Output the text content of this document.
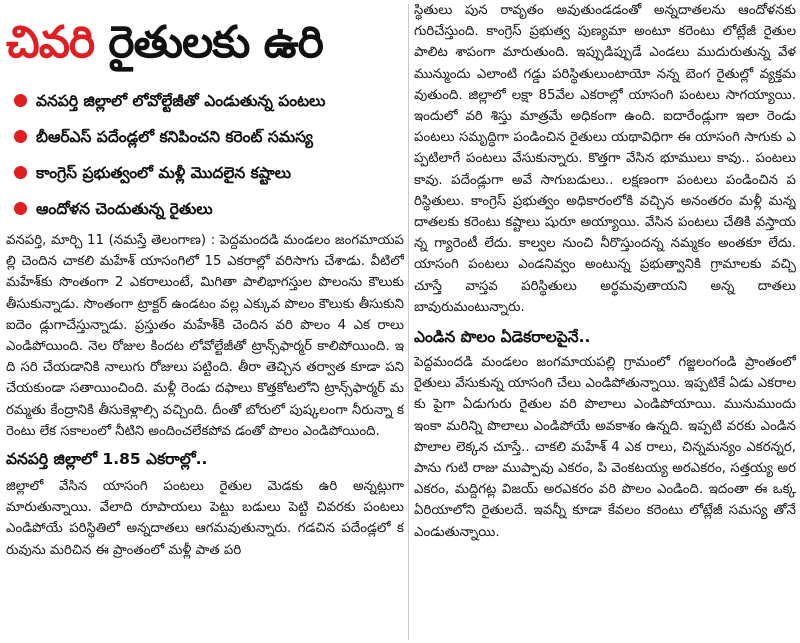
చివరి రైతులకు ఉరి
వనపర్తి జిల్లాలో లోవోల్టేజీతో ఎండుతున్న పంటలు
బీఆర్ఎస్ పదేండ్లలో కనిపించని కరెంట్ సమస్య
కాంగ్రెస్ ప్రభుత్వంలో మళ్లీ మొదలైన కష్టాలు
ఆందోళన చెందుతున్న రైతులు

వనపర్తి, మార్చి 11 (నమస్తే తెలంగాణ) : పెద్దమందడి మండలం జంగమాయపల్లి చెందిన చాకలి మహేశ్ యాసంగిలో 15 ఎకరాల్లో వరిసాగు చేశాడు. వీటిలో మహేశ్‌కు సొంతంగా 2 ఎకరాలుంటే, మిగితా పాలిభాగస్తుల పొలంను కౌలుకు తీసుకున్నాడు. సొంతంగా ట్రాక్టర్ ఉండటం వల్ల ఎక్కువ పొలం కౌలుకు తీసుకుని ఐదెం డ్లుగాచేస్తున్నాడు. ప్రస్తుతం మహేశ్‌కి చెందిన వరి పొలం 4 ఎక రాలు ఎండిపోయింది. నెల రోజుల కిందట లోవోల్టేజీతో ట్రాన్స్‌ఫార్మర్ కాలిపోయింది. ఇది సరి చేయడానికి నాలుగు రోజులు పట్టింది. తీరా తెచ్చిన తర్వాత కూడా పని చేయకుండా సతాయించింది. మళ్లీ రెండు దఫాలు కొత్తకోటలోని ట్రాన్స్‌ఫార్మర్ మరమ్మతు కేంద్రానికి తీసుకెళ్లాల్సి వచ్చింది. దీంతో బోరులో పుష్కలంగా నీరున్నా కరెంటు లేక సకాలంలో నీటిని అందించలేకపోవ డంతో పొలం ఎండిపోయింది.

వనపర్తి జిల్లాలో 1.85 ఎకరాల్లో..

జిల్లాలో వేసిన యాసంగి పంటలు రైతుల మెడకు ఉరి అన్నట్లుగా మారుతున్నాయి. వేలాది రూపాయలు పెట్టు బడులు పెట్టి చివరకు పంటలు ఎండిపోయే పరిస్థితిలో అన్నదాతలు ఆగమవుతున్నారు. గడచిన పదేండ్లలో కరువును మరిచిన ఈ ప్రాంతంలో మళ్లీ పాత పరి

స్థితులు పున రావృతం అవుతుండడంతో అన్నదాతలను ఆందోళనకు గురిచేస్తుంది. కాంగ్రెస్ ప్రభుత్వ పుణ్యమా అంటూ కరెంటు లోట్లేజీ రైతుల పాలిట శాపంగా మారుతుంది. ఇప్పుడిప్పుడే ఎండలు ముదురుతున్న వేళ మున్ముందు ఎలాంటి గడ్డు పరిస్థితులుంటాయో నన్న బెంగ రైతుల్లో వ్యక్తమవుతుంది. జిల్లాలో లక్షా 85వేల ఎకరాల్లో యాసంగి పంటలు సాగయ్యాయి. ఇందులో వరి శిస్తు మాత్రమే అధికంగా ఉంది. ఐదారేండ్లుగా ఇలా రెండు పంటలు సమృద్ధిగా పండించిన రైతులు యథావిధిగా ఈ యాసంగి సాగుకు ఎప్పటిలాగే పంటలు వేసుకున్నారు. కొత్తగా వేసిన భూములు కావు.. పంటలు కావు. పదేండ్లుగా అవే సాగుబడులు.. లక్షణంగా పంటలు పండించిన పరిస్థితులు. కాంగ్రెస్ ప్రభుత్వం అధికారంలోకి వచ్చిన అనంతరం మళ్లీ మన్న దాతలకు కరెంటు కష్టాలు షురూ అయ్యాయి. వేసిన పంటలు చేతికి వస్తాయన్న గ్యారెంటీ లేదు. కాల్వల నుంచి నీరొస్తుందన్న నమ్మకం అంతకూ లేదు. యాసంగి పంటలు ఎండనివ్వం అంటున్న ప్రభుత్వానికి గ్రామాలకు వచ్చి చూస్తే వాస్తవ పరిస్థితులు అర్థమవుతాయని అన్న దాతలు బావురుమంటున్నారు.

ఎండిన పొలం ఏడెకరాలపైనే..

పెద్దమందడి మండలం జంగమాయపల్లి గ్రామంలో గజ్జలంగండి ప్రాంతంలో రైతులు వేసుకున్న యాసంగి చేలు ఎండిపోతున్నాయి. ఇప్పటికే ఏడు ఎకరాలకు పైగా ఏడుగురు రైతుల వరి పొలాలు ఎండిపోయాయి. మునుముందు ఇంకా మరిన్ని పొలాలు ఎండిపోయే అవకాశం ఉన్నది. ఇప్పటి వరకు ఎండిన పొలాల లెక్కన చూస్తే.. చాకలి మహేశ్ 4 ఎక రాలు, చిన్నమన్యం ఎకరన్నర, పాను గుటి రాజు ముప్పావు ఎకరం, పి వెంకటయ్య అరఎకరం, సత్తయ్య అర ఎకరం, మద్దిగట్ల విజయ్ అరఎకరం వరి పొలం ఎండింది. ఇదంతా ఈ ఒక్క ఏరియాలోని రైతులదే. ఇవన్నీ కూడా కేవలం కరెంటు లోట్లేజీ సమస్య తోనే ఎండుతున్నాయి.
